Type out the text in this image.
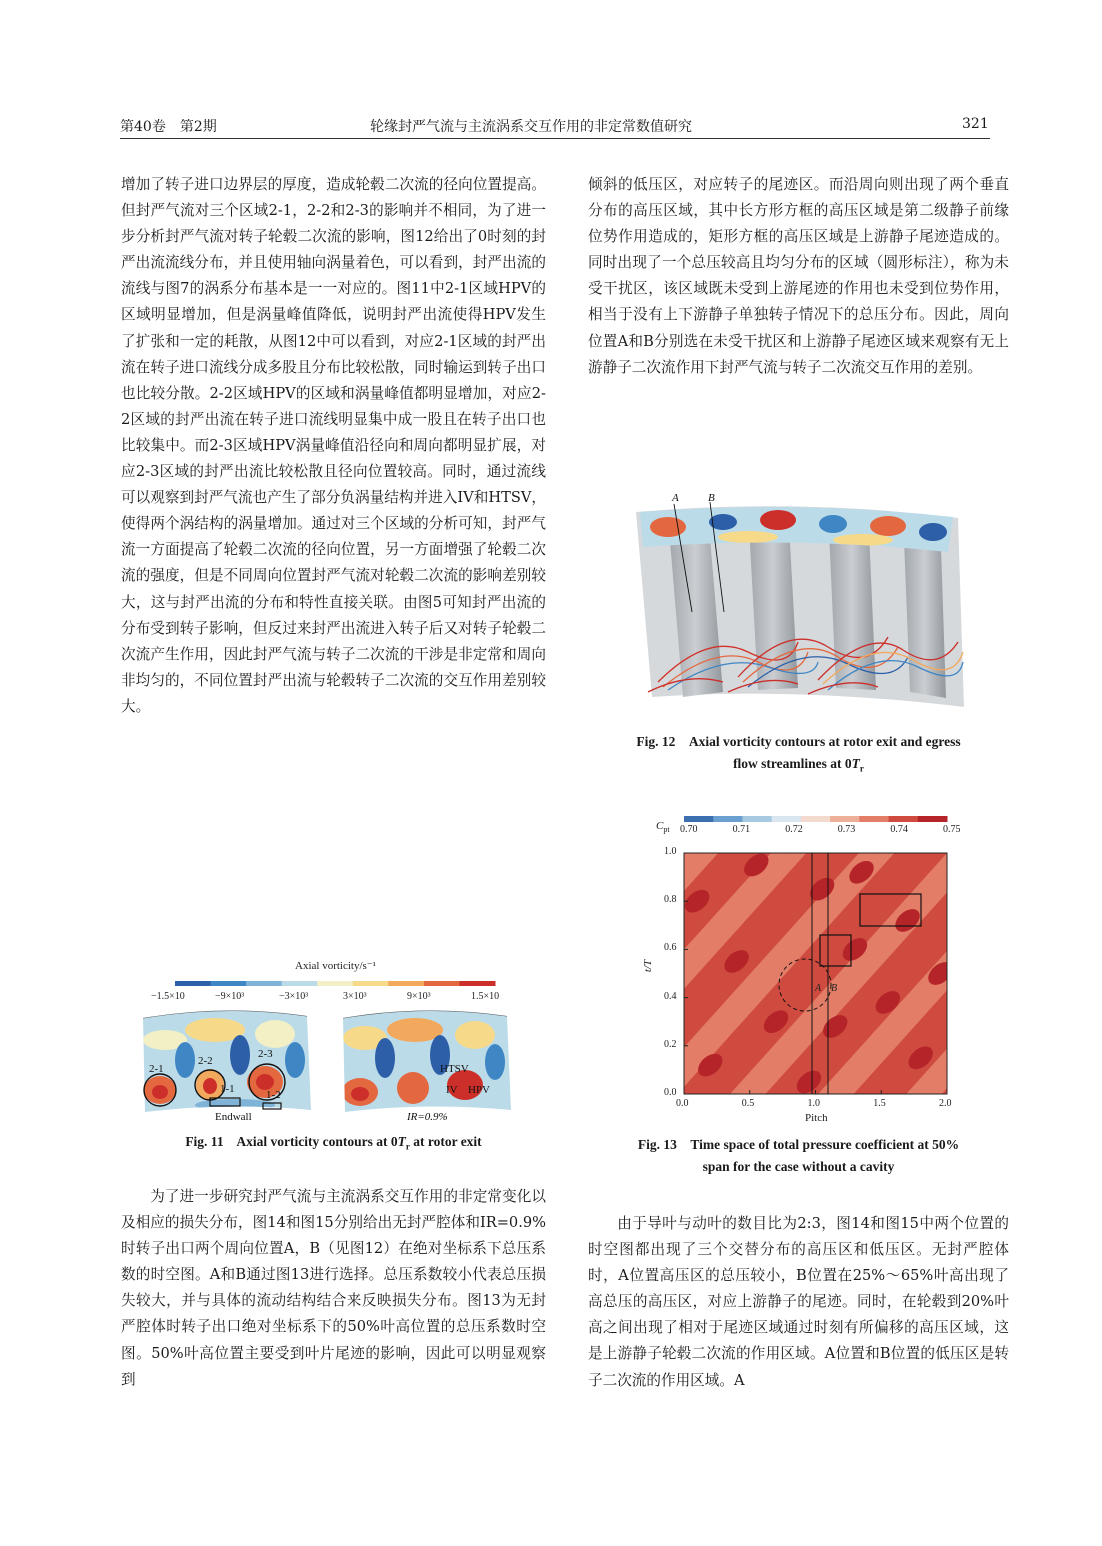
第40卷　第2期	轮缘封严气流与主流涡系交互作用的非定常数值研究	321

增加了转子进口边界层的厚度，造成轮毂二次流的径向位置提高。但封严气流对三个区域2-1，2-2和2-3的影响并不相同，为了进一步分析封严气流对转子轮毂二次流的影响，图12给出了0时刻的封严出流流线分布，并且使用轴向涡量着色，可以看到，封严出流的流线与图7的涡系分布基本是一一对应的。图11中2-1区域HPV的区域明显增加，但是涡量峰值降低，说明封严出流使得HPV发生了扩张和一定的耗散，从图12中可以看到，对应2-1区域的封严出流在转子进口流线分成多股且分布比较松散，同时输运到转子出口也比较分散。2-2区域HPV的区域和涡量峰值都明显增加，对应2-2区域的封严出流在转子进口流线明显集中成一股且在转子出口也比较集中。而2-3区域HPV涡量峰值沿径向和周向都明显扩展，对应2-3区域的封严出流比较松散且径向位置较高。同时，通过流线可以观察到封严气流也产生了部分负涡量结构并进入IV和HTSV，使得两个涡结构的涡量增加。通过对三个区域的分析可知，封严气流一方面提高了轮毂二次流的径向位置，另一方面增强了轮毂二次流的强度，但是不同周向位置封严气流对轮毂二次流的影响差别较大，这与封严出流的分布和特性直接关联。由图5可知封严出流的分布受到转子影响，但反过来封严出流进入转子后又对转子轮毂二次流产生作用，因此封严气流与转子二次流的干涉是非定常和周向非均匀的，不同位置封严出流与轮毂转子二次流的交互作用差别较大。

为了进一步研究封严气流与主流涡系交互作用的非定常变化以及相应的损失分布，图14和图15分别给出无封严腔体和IR=0.9%时转子出口两个周向位置A，B（见图12）在绝对坐标系下总压系数的时空图。A和B通过图13进行选择。总压系数较小代表总压损失较大，并与具体的流动结构结合来反映损失分布。图13为无封严腔体时转子出口绝对坐标系下的50%叶高位置的总压系数时空图。50%叶高位置主要受到叶片尾迹的影响，因此可以明显观察到

倾斜的低压区，对应转子的尾迹区。而沿周向则出现了两个垂直分布的高压区域，其中长方形方框的高压区域是第二级静子前缘位势作用造成的，矩形方框的高压区域是上游静子尾迹造成的。同时出现了一个总压较高且均匀分布的区域（圆形标注），称为未受干扰区，该区域既未受到上游尾迹的作用也未受到位势作用，相当于没有上下游静子单独转子情况下的总压分布。因此，周向位置A和B分别选在未受干扰区和上游静子尾迹区域来观察有无上游静子二次流作用下封严气流与转子二次流交互作用的差别。

由于导叶与动叶的数目比为2:3，图14和图15中两个位置的时空图都出现了三个交替分布的高压区和低压区。无封严腔体时，A位置高压区的总压较小，B位置在25%～65%叶高出现了高总压的高压区，对应上游静子的尾迹。同时，在轮毂到20%叶高之间出现了相对于尾迹区域通过时刻有所偏移的高压区域，这是上游静子轮毂二次流的作用区域。A位置和B位置的低压区是转子二次流的作用区域。A

Axial vorticity/s⁻¹
−1.5×10	−9×10³	−3×10³	3×10³	9×10³	1.5×10
2-1
2-2
2-3
1-1	1-2
Endwall
HTSV
IV HPV
IR=0.9%
Fig. 11 Axial vorticity contours at $0T_r$ at rotor exit
A	B
Fig. 12 Axial vorticity contours at rotor exit and egress
flow streamlines at $0T_r$
$C_{pt}$ 0.70	0.71	0.72	0.73	0.74	0.75
0.0	0.5	1.0	1.5	2.0
0.0
0.2
0.4
0.6
0.8
1.0
Pitch
t/T
A B
Fig. 13 Time space of total pressure coefficient at 50%
span for the case without a cavity
